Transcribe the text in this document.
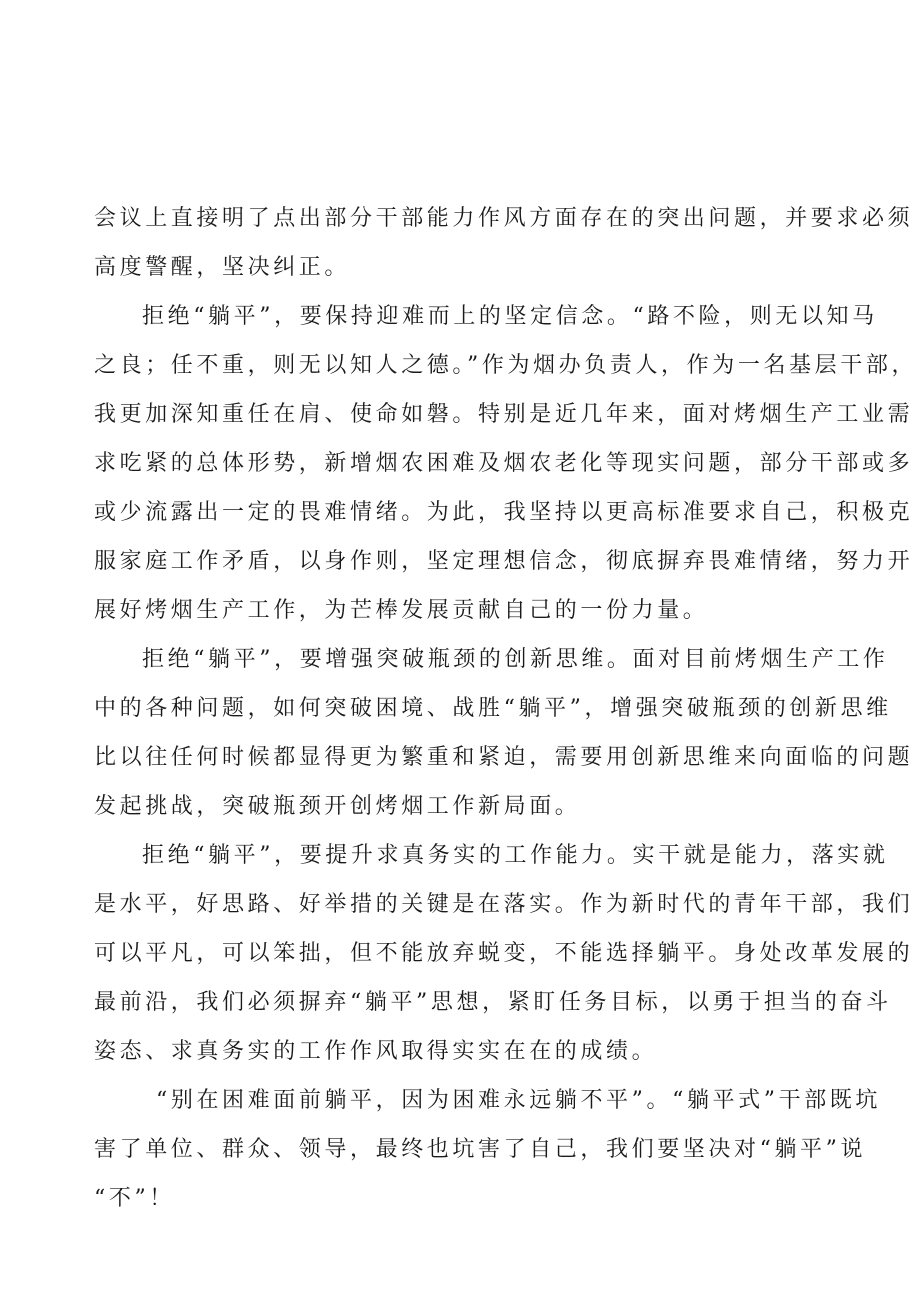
会议上直接明了点出部分干部能力作风方面存在的突出问题，并要求必须
高度警醒，坚决纠正。
拒绝“躺平”，要保持迎难而上的坚定信念。“路不险，则无以知马
之良；任不重，则无以知人之德。”作为烟办负责人，作为一名基层干部，
我更加深知重任在肩、使命如磐。特别是近几年来，面对烤烟生产工业需
求吃紧的总体形势，新增烟农困难及烟农老化等现实问题，部分干部或多
或少流露出一定的畏难情绪。为此，我坚持以更高标准要求自己，积极克
服家庭工作矛盾，以身作则，坚定理想信念，彻底摒弃畏难情绪，努力开
展好烤烟生产工作，为芒棒发展贡献自己的一份力量。
拒绝“躺平”，要增强突破瓶颈的创新思维。面对目前烤烟生产工作
中的各种问题，如何突破困境、战胜“躺平”，增强突破瓶颈的创新思维
比以往任何时候都显得更为繁重和紧迫，需要用创新思维来向面临的问题
发起挑战，突破瓶颈开创烤烟工作新局面。
拒绝“躺平”，要提升求真务实的工作能力。实干就是能力，落实就
是水平，好思路、好举措的关键是在落实。作为新时代的青年干部，我们
可以平凡，可以笨拙，但不能放弃蜕变，不能选择躺平。身处改革发展的
最前沿，我们必须摒弃“躺平”思想，紧盯任务目标，以勇于担当的奋斗
姿态、求真务实的工作作风取得实实在在的成绩。
“别在困难面前躺平，因为困难永远躺不平”。“躺平式”干部既坑
害了单位、群众、领导，最终也坑害了自己，我们要坚决对“躺平”说
“不”！
